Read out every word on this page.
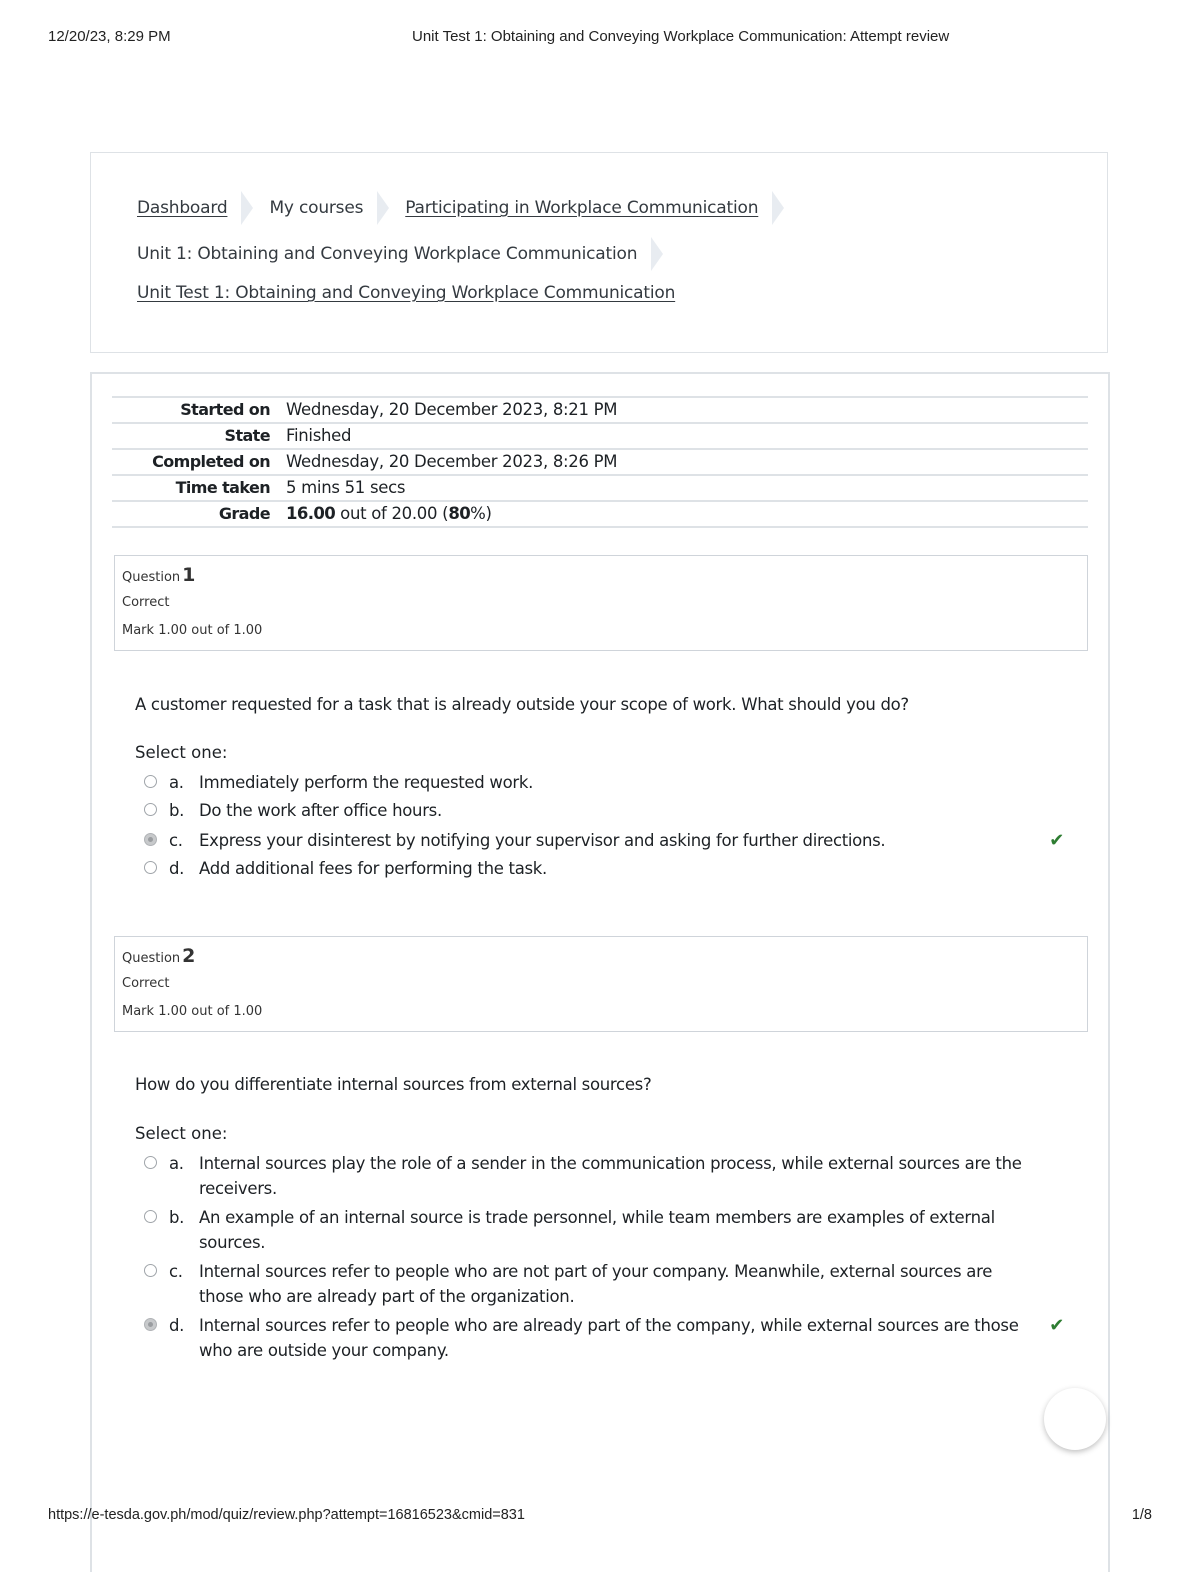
12/20/23, 8:29 PM	Unit Test 1: Obtaining and Conveying Workplace Communication: Attempt review
Dashboard My courses Participating in Workplace Communication
Unit 1: Obtaining and Conveying Workplace Communication
Unit Test 1: Obtaining and Conveying Workplace Communication
Started on	Wednesday, 20 December 2023, 8:21 PM
State	Finished
Completed on	Wednesday, 20 December 2023, 8:26 PM
Time taken	5 mins 51 secs
Grade	16.00 out of 20.00 (80%)
Question 1
Correct
Mark 1.00 out of 1.00
A customer requested for a task that is already outside your scope of work. What should you do?
Select one:
a. Immediately perform the requested work.
b. Do the work after office hours.
c. Express your disinterest by notifying your supervisor and asking for further directions.	✔
d. Add additional fees for performing the task.
Question 2
Correct
Mark 1.00 out of 1.00
How do you differentiate internal sources from external sources?
Select one:
a. Internal sources play the role of a sender in the communication process, while external sources are the receivers.
b. An example of an internal source is trade personnel, while team members are examples of external sources.
c. Internal sources refer to people who are not part of your company. Meanwhile, external sources are those who are already part of the organization.
d. Internal sources refer to people who are already part of the company, while external sources are those who are outside your company.
✔
https://e-tesda.gov.ph/mod/quiz/review.php?attempt=16816523&cmid=831	1/8
